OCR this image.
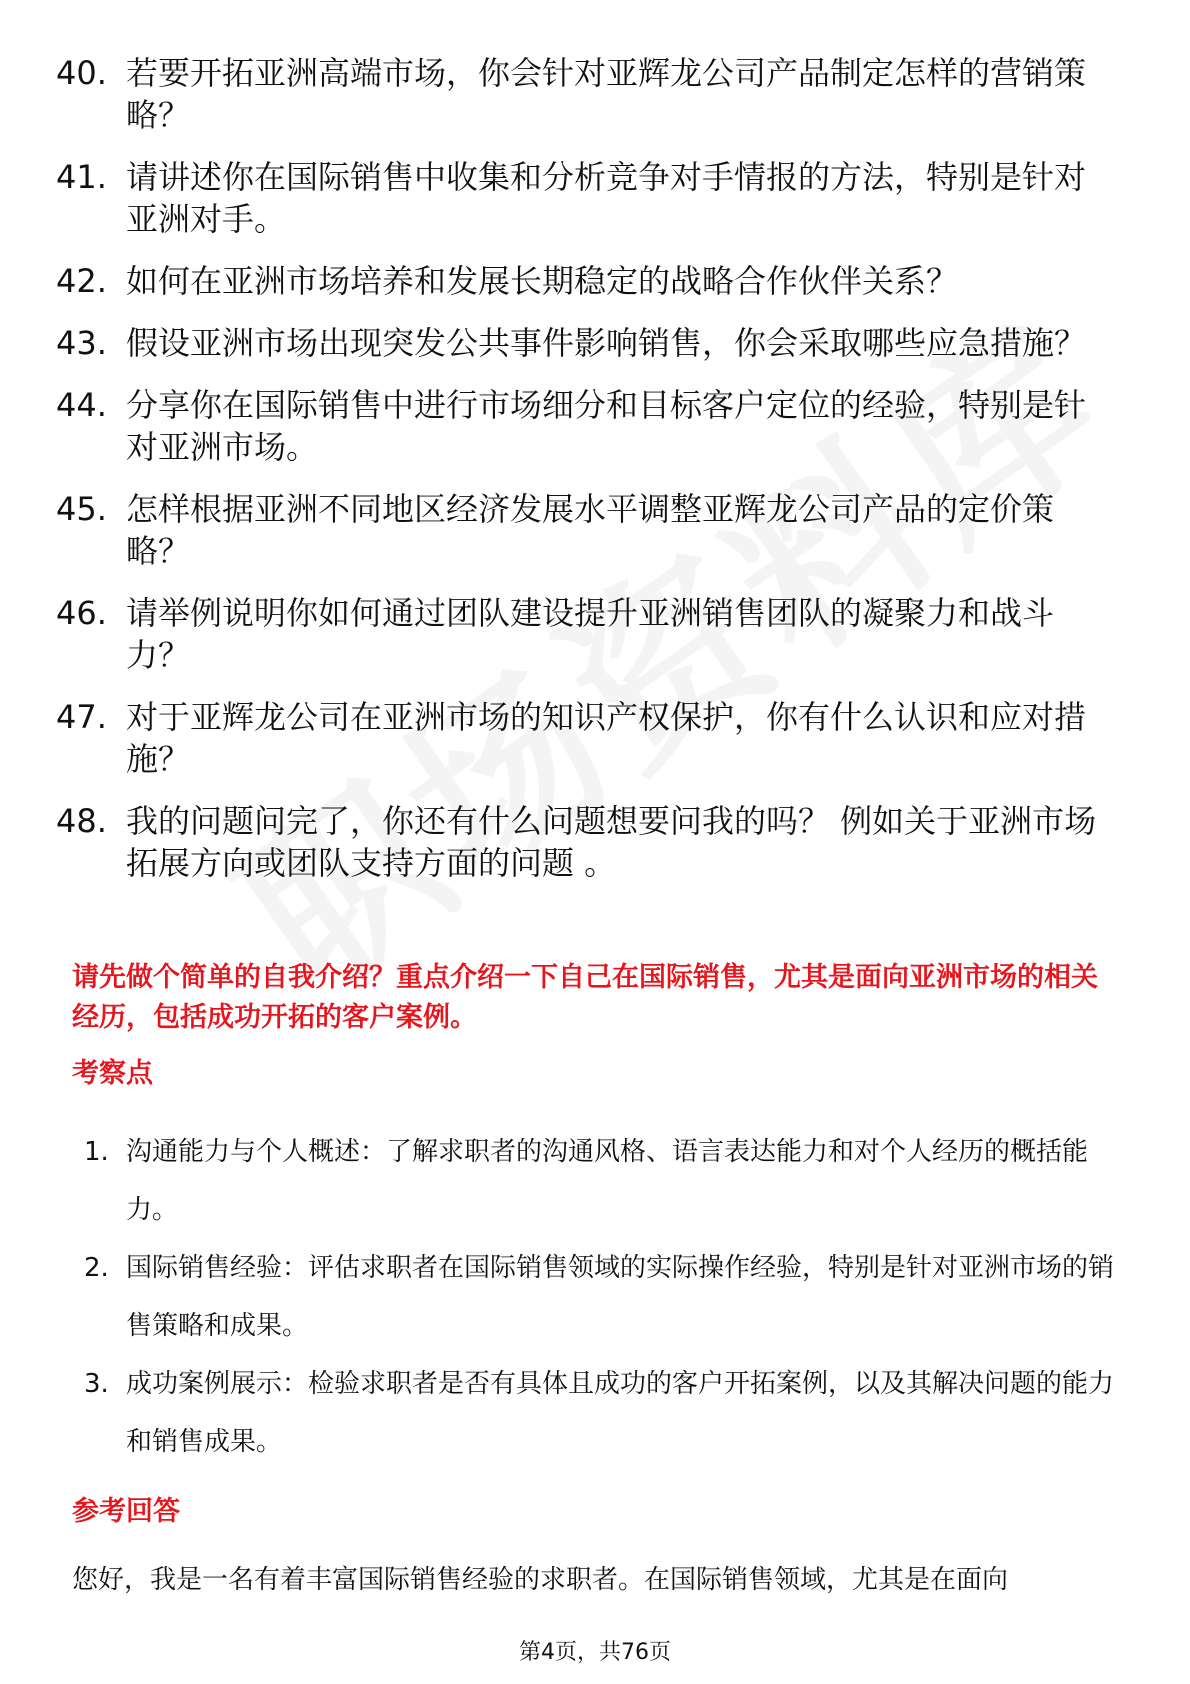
40. 若要开拓亚洲高端市场，你会针对亚辉龙公司产品制定怎样的营销策略？
41. 请讲述你在国际销售中收集和分析竞争对手情报的方法，特别是针对亚洲对手。
42. 如何在亚洲市场培养和发展长期稳定的战略合作伙伴关系？
43. 假设亚洲市场出现突发公共事件影响销售，你会采取哪些应急措施？
44. 分享你在国际销售中进行市场细分和目标客户定位的经验，特别是针对亚洲市场。
45. 怎样根据亚洲不同地区经济发展水平调整亚辉龙公司产品的定价策略？
46. 请举例说明你如何通过团队建设提升亚洲销售团队的凝聚力和战斗力？
47. 对于亚辉龙公司在亚洲市场的知识产权保护，你有什么认识和应对措施？
48. 我的问题问完了，你还有什么问题想要问我的吗？ 例如关于亚洲市场拓展方向或团队支持方面的问题 。
请先做个简单的自我介绍？重点介绍一下自己在国际销售，尤其是面向亚洲市场的相关经历，包括成功开拓的客户案例。
考察点
1. 沟通能力与个人概述：了解求职者的沟通风格、语言表达能力和对个人经历的概括能力。
2. 国际销售经验：评估求职者在国际销售领域的实际操作经验，特别是针对亚洲市场的销售策略和成果。
3. 成功案例展示：检验求职者是否有具体且成功的客户开拓案例，以及其解决问题的能力和销售成果。
参考回答
您好，我是一名有着丰富国际销售经验的求职者。在国际销售领域，尤其是在面向
第4页，共76页
